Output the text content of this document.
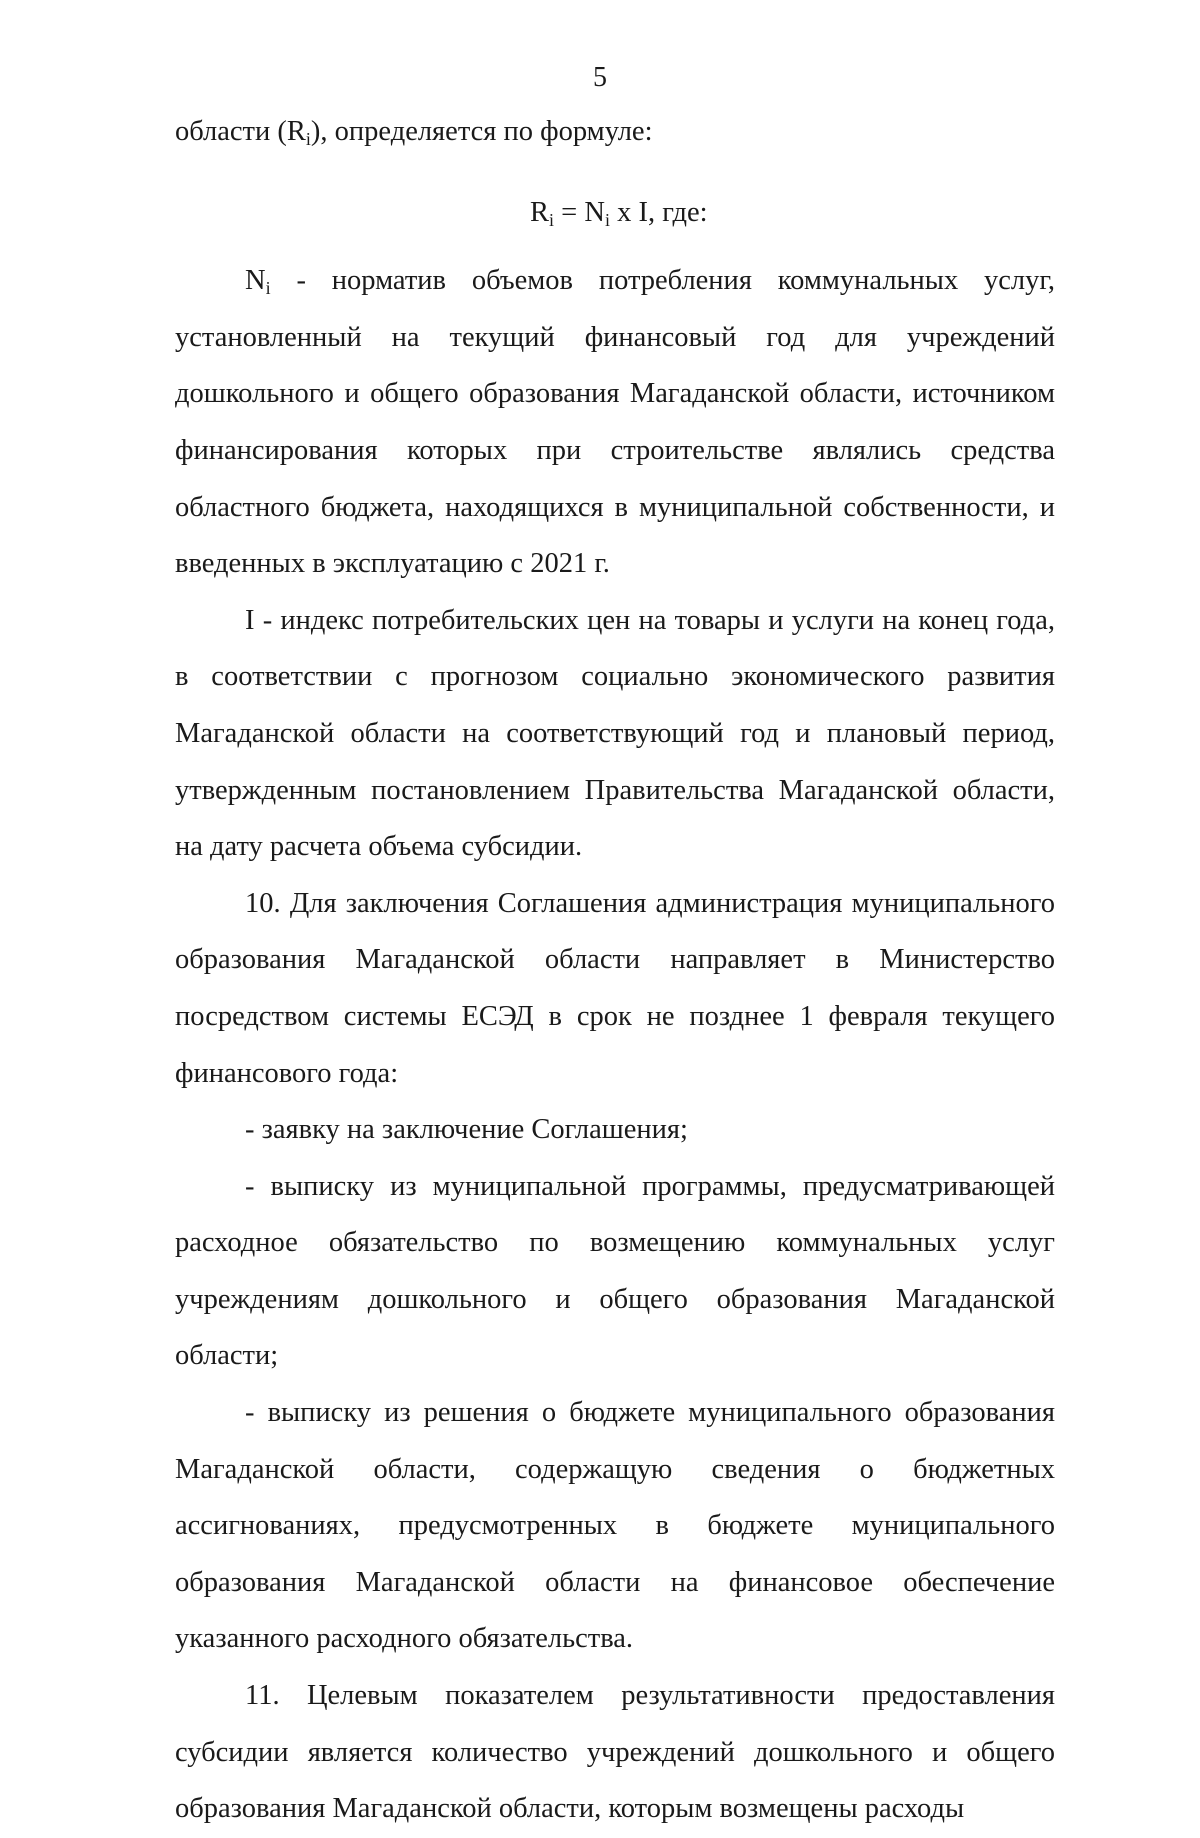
5

области $(R_i)$, определяется по формуле:

$R_i = N_i$ x I, где:

$N_i$ - норматив объемов потребления коммунальных услуг, установленный на текущий финансовый год для учреждений дошкольного и общего образования Магаданской области, источником финансирования которых при строительстве являлись средства областного бюджета, находящихся в муниципальной собственности, и введенных в эксплуатацию с 2021 г.

I - индекс потребительских цен на товары и услуги на конец года, в соответствии с прогнозом социально экономического развития Магаданской области на соответствующий год и плановый период, утвержденным постановлением Правительства Магаданской области, на дату расчета объема субсидии.

10. Для заключения Соглашения администрация муниципального образования Магаданской области направляет в Министерство посредством системы ЕСЭД в срок не позднее 1 февраля текущего финансового года:

- заявку на заключение Соглашения;

- выписку из муниципальной программы, предусматривающей расходное обязательство по возмещению коммунальных услуг учреждениям дошкольного и общего образования Магаданской области;

- выписку из решения о бюджете муниципального образования Магаданской области, содержащую сведения о бюджетных ассигнованиях, предусмотренных в бюджете муниципального образования Магаданской области на финансовое обеспечение указанного расходного обязательства.

11. Целевым показателем результативности предоставления субсидии является количество учреждений дошкольного и общего образования Магаданской области, которым возмещены расходы
